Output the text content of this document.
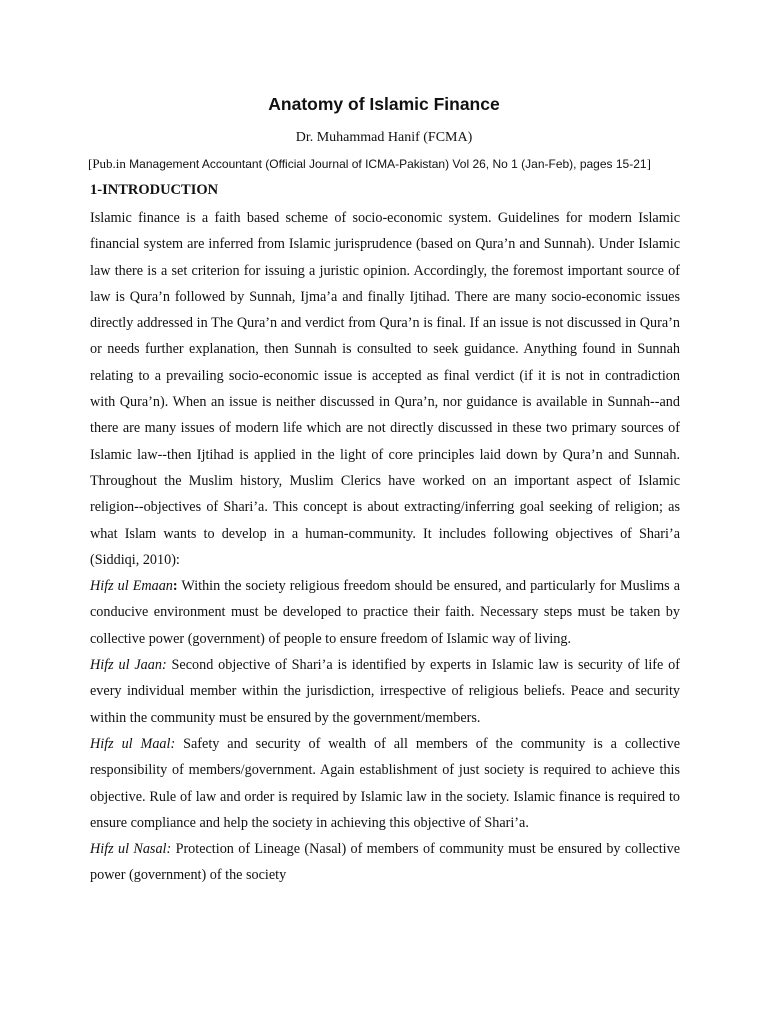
Anatomy of Islamic Finance
Dr. Muhammad Hanif (FCMA)
[Pub.in Management Accountant (Official Journal of ICMA-Pakistan) Vol 26, No 1 (Jan-Feb), pages 15-21]
1-INTRODUCTION

Islamic finance is a faith based scheme of socio-economic system. Guidelines for modern Islamic financial system are inferred from Islamic jurisprudence (based on Qura’n and Sunnah). Under Islamic law there is a set criterion for issuing a juristic opinion. Accordingly, the foremost important source of law is Qura’n followed by Sunnah, Ijma’a and finally Ijtihad. There are many socio-economic issues directly addressed in The Qura’n and verdict from Qura’n is final. If an issue is not discussed in Qura’n or needs further explanation, then Sunnah is consulted to seek guidance. Anything found in Sunnah relating to a prevailing socio-economic issue is accepted as final verdict (if it is not in contradiction with Qura’n). When an issue is neither discussed in Qura’n, nor guidance is available in Sunnah--and there are many issues of modern life which are not directly discussed in these two primary sources of Islamic law--then Ijtihad is applied in the light of core principles laid down by Qura’n and Sunnah. Throughout the Muslim history, Muslim Clerics have worked on an important aspect of Islamic religion--objectives of Shari’a. This concept is about extracting/inferring goal seeking of religion; as what Islam wants to develop in a human-community. It includes following objectives of Shari’a (Siddiqi, 2010):

Hifz ul Emaan: Within the society religious freedom should be ensured, and particularly for Muslims a conducive environment must be developed to practice their faith. Necessary steps must be taken by collective power (government) of people to ensure freedom of Islamic way of living.

Hifz ul Jaan: Second objective of Shari’a is identified by experts in Islamic law is security of life of every individual member within the jurisdiction, irrespective of religious beliefs. Peace and security within the community must be ensured by the government/members.

Hifz ul Maal: Safety and security of wealth of all members of the community is a collective responsibility of members/government. Again establishment of just society is required to achieve this objective. Rule of law and order is required by Islamic law in the society. Islamic finance is required to ensure compliance and help the society in achieving this objective of Shari’a.

Hifz ul Nasal: Protection of Lineage (Nasal) of members of community must be ensured by collective power (government) of the society
